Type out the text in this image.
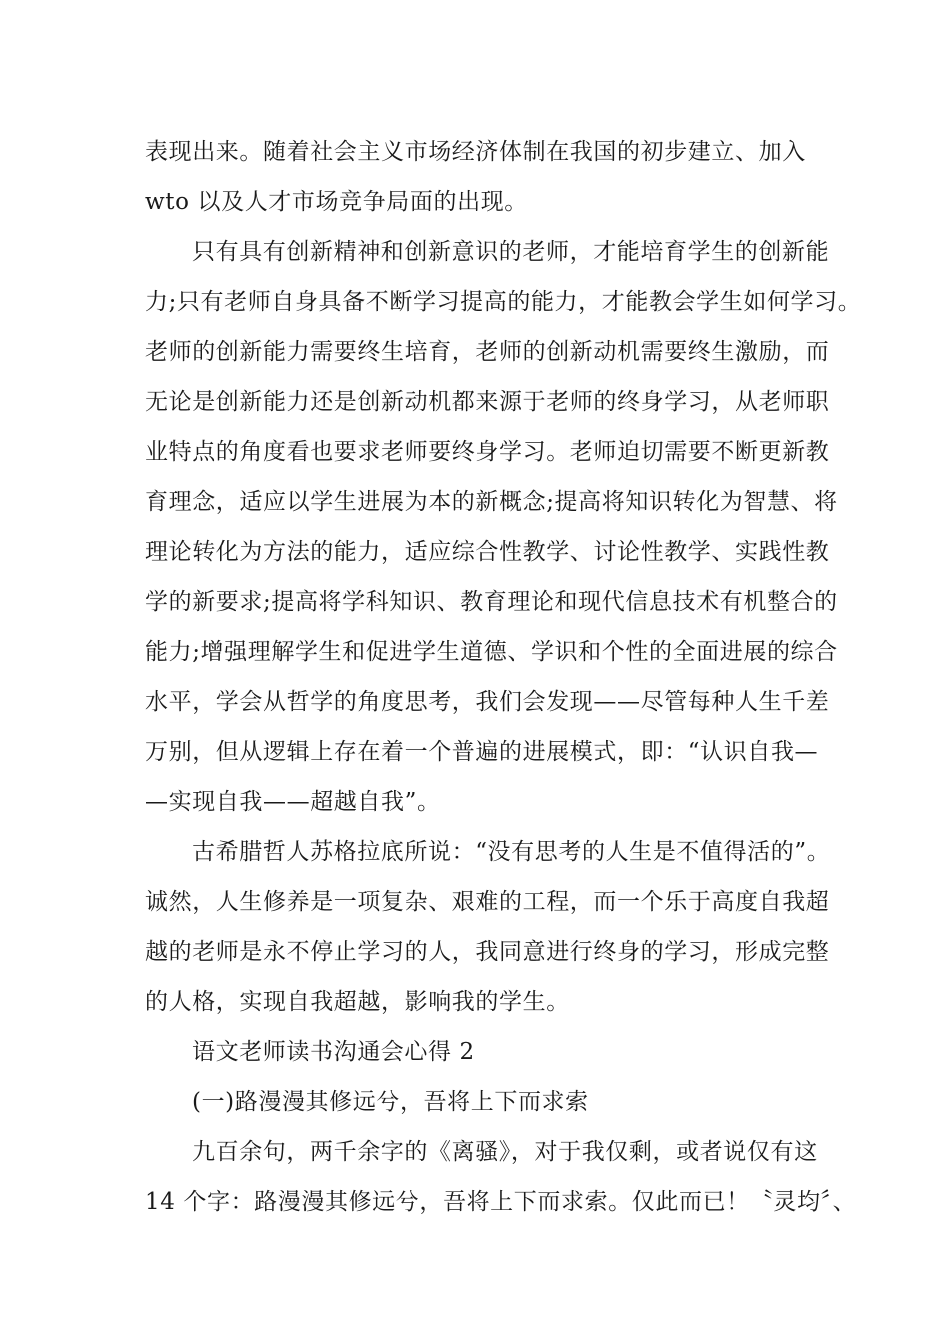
表现出来。随着社会主义市场经济体制在我国的初步建立、加入
wto 以及人才市场竞争局面的出现。
只有具有创新精神和创新意识的老师，才能培育学生的创新能
力;只有老师自身具备不断学习提高的能力，才能教会学生如何学习。
老师的创新能力需要终生培育，老师的创新动机需要终生激励，而
无论是创新能力还是创新动机都来源于老师的终身学习，从老师职
业特点的角度看也要求老师要终身学习。老师迫切需要不断更新教
育理念，适应以学生进展为本的新概念;提高将知识转化为智慧、将
理论转化为方法的能力，适应综合性教学、讨论性教学、实践性教
学的新要求;提高将学科知识、教育理论和现代信息技术有机整合的
能力;增强理解学生和促进学生道德、学识和个性的全面进展的综合
水平，学会从哲学的角度思考，我们会发现——尽管每种人生千差
万别，但从逻辑上存在着一个普遍的进展模式，即：“认识自我—
—实现自我——超越自我”。
古希腊哲人苏格拉底所说：“没有思考的人生是不值得活的”。
诚然，人生修养是一项复杂、艰难的工程，而一个乐于高度自我超
越的老师是永不停止学习的人，我同意进行终身的学习，形成完整
的人格，实现自我超越，影响我的学生。
语文老师读书沟通会心得 2
(一)路漫漫其修远兮，吾将上下而求索
九百余句，两千余字的《离骚》，对于我仅剩，或者说仅有这
14 个字：路漫漫其修远兮，吾将上下而求索。仅此而已！〝灵均〞、
